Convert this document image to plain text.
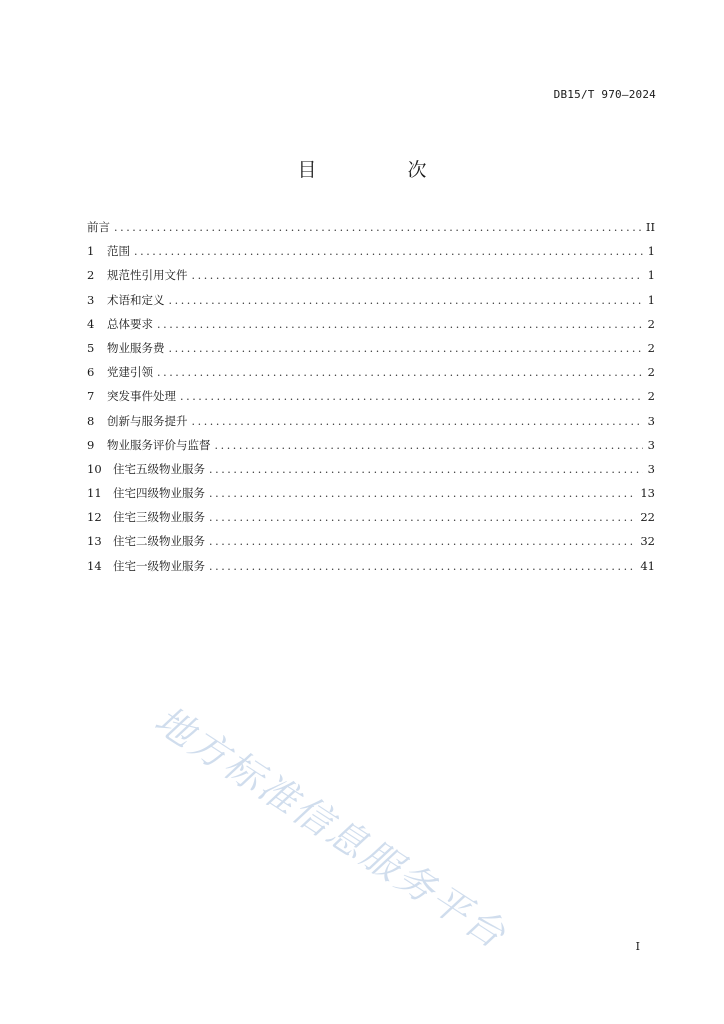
DB15/T 970—2024
目　次
前言 .....	II
1	范围 .....	1
2	规范性引用文件 .....	1
3	术语和定义 .....	1
4	总体要求 .....	2
5	物业服务费 .....	2
6	党建引领 .....	2
7	突发事件处理 .....	2
8	创新与服务提升 .....	3
9	物业服务评价与监督 .....	3
10 住宅五级物业服务 .....	3
11 住宅四级物业服务 .....	13
12 住宅三级物业服务 .....	22
13 住宅二级物业服务 .....	32
14 住宅一级物业服务 .....	41
地方标准信息服务平台	I
